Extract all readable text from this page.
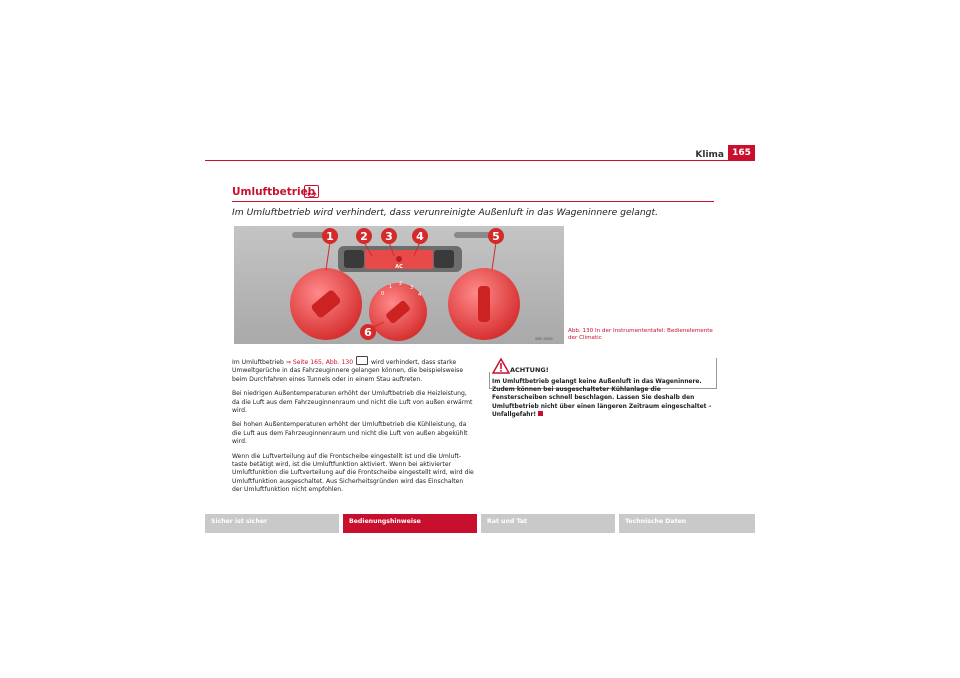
Klima 165
Umluftbetrieb
Im Umluftbetrieb wird verhindert, dass verunreinigte Außenluft in das Wageninnere gelangt.
1 2 3 4	5
6
0
1 2
3
4
AC
B5F-0456
Abb. 130 In der Instrumententafel: Bedienelemente der Climatic

Im Umluftbetrieb ⇒ Seite 165, Abb. 130	wird verhindert, dass starke Umweltgerüche in das Fahrzeuginnere gelangen können, die beispielsweise beim Durchfahren eines Tunnels oder in einem Stau auftreten.

Bei niedrigen Außentemperaturen erhöht der Umluftbetrieb die Heizleistung, da die Luft aus dem Fahrzeuginnenraum und nicht die Luft von außen erwärmt wird.

Bei hohen Außentemperaturen erhöht der Umluftbetrieb die Kühlleistung, da die Luft aus dem Fahrzeuginnenraum und nicht die Luft von außen abgekühlt wird.

Wenn die Luftverteilung auf die Frontscheibe eingestellt ist und die Umluft-taste betätigt wird, ist die Umluftfunktion aktiviert. Wenn bei aktivierter Umluftfunktion die Luftverteilung auf die Frontscheibe eingestellt wird, wird die Umluftfunktion ausgeschaltet. Aus Sicherheitsgründen wird das Einschalten der Umluftfunktion nicht empfohlen.

ACHTUNG!
Im Umluftbetrieb gelangt keine Außenluft in das Wageninnere. Zudem können bei ausgeschalteter Kühlanlage die Fensterscheiben schnell beschlagen. Lassen Sie deshalb den Umluftbetrieb nicht über einen längeren Zeitraum eingeschaltet – Unfallgefahr!
Sicher ist sicher	Bedienungshinweise	Rat und Tat	Technische Daten
